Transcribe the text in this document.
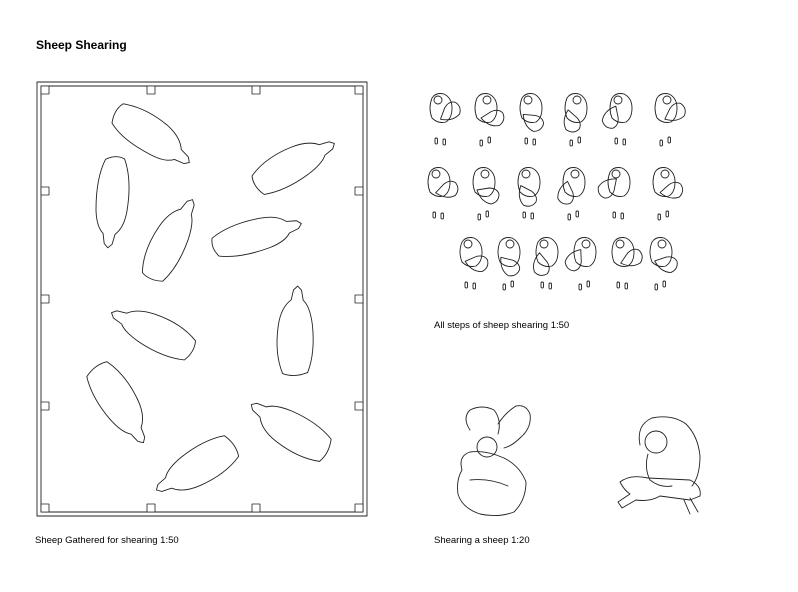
Sheep Shearing
Sheep Gathered for shearing 1:50
All steps of sheep shearing 1:50
Shearing a sheep 1:20
